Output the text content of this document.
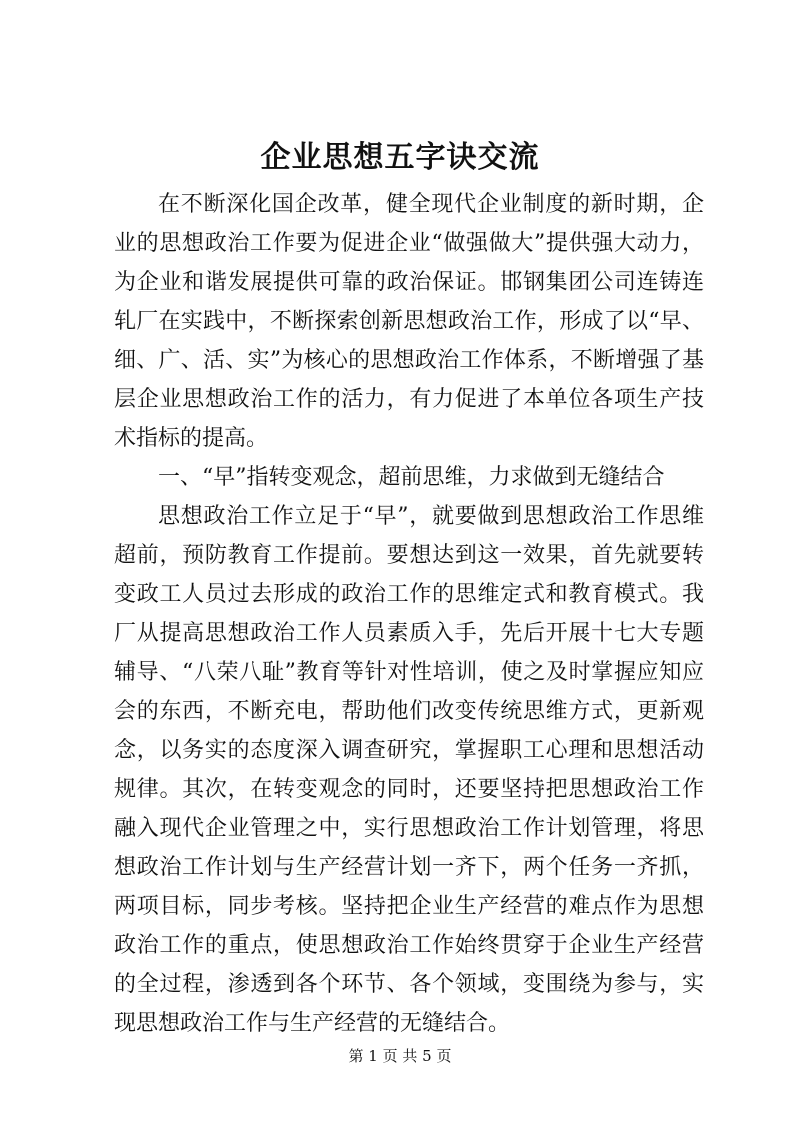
企业思想五字诀交流

在不断深化国企改革，健全现代企业制度的新时期，企业的思想政治工作要为促进企业“做强做大”提供强大动力，为企业和谐发展提供可靠的政治保证。邯钢集团公司连铸连轧厂在实践中，不断探索创新思想政治工作，形成了以“早、细、广、活、实”为核心的思想政治工作体系，不断增强了基层企业思想政治工作的活力，有力促进了本单位各项生产技术指标的提高。

一、“早”指转变观念，超前思维，力求做到无缝结合

思想政治工作立足于“早”，就要做到思想政治工作思维超前，预防教育工作提前。要想达到这一效果，首先就要转变政工人员过去形成的政治工作的思维定式和教育模式。我厂从提高思想政治工作人员素质入手，先后开展十七大专题辅导、“八荣八耻”教育等针对性培训，使之及时掌握应知应会的东西，不断充电，帮助他们改变传统思维方式，更新观念，以务实的态度深入调查研究，掌握职工心理和思想活动规律。其次，在转变观念的同时，还要坚持把思想政治工作融入现代企业管理之中，实行思想政治工作计划管理，将思想政治工作计划与生产经营计划一齐下，两个任务一齐抓，两项目标，同步考核。坚持把企业生产经营的难点作为思想政治工作的重点，使思想政治工作始终贯穿于企业生产经营的全过程，渗透到各个环节、各个领域，变围绕为参与，实现思想政治工作与生产经营的无缝结合。

第 1 页 共 5 页
